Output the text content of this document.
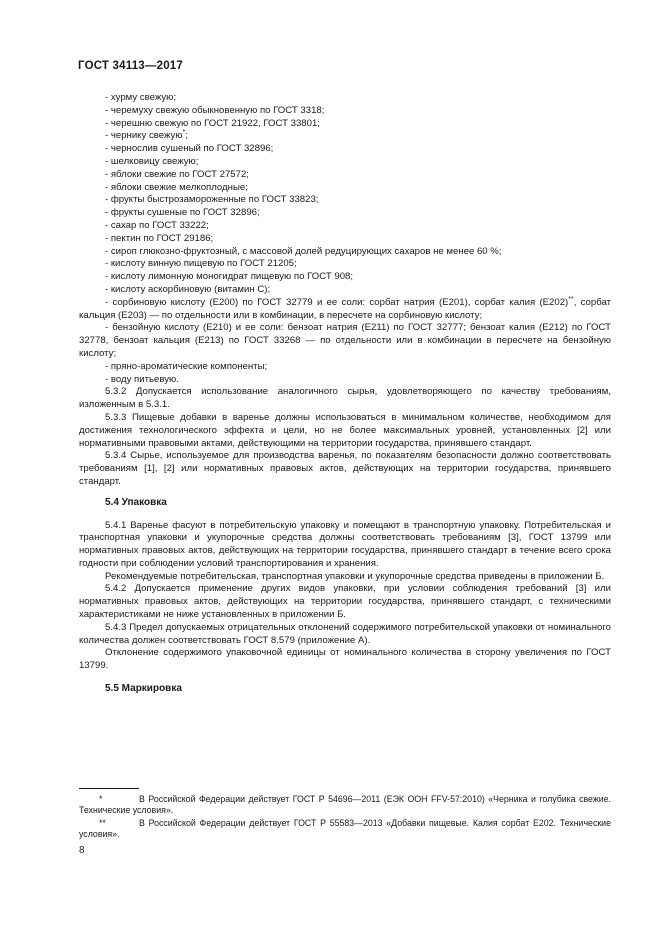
ГОСТ 34113—2017

- хурму свежую;

- черемуху свежую обыкновенную по ГОСТ 3318;

- черешню свежую по ГОСТ 21922, ГОСТ 33801;

- чернику свежую*;

- чернослив сушеный по ГОСТ 32896;

- шелковицу свежую;

- яблоки свежие по ГОСТ 27572;

- яблоки свежие мелкоплодные;

- фрукты быстрозамороженные по ГОСТ 33823;

- фрукты сушеные по ГОСТ 32896;

- сахар по ГОСТ 33222;

- пектин по ГОСТ 29186;

- сироп глюкозно-фруктозный, с массовой долей редуцирующих сахаров не менее 60 %;

- кислоту винную пищевую по ГОСТ 21205;

- кислоту лимонную моногидрат пищевую по ГОСТ 908;

- кислоту аскорбиновую (витамин С);

- сорбиновую кислоту (Е200) по ГОСТ 32779 и ее соли: сорбат натрия (Е201), сорбат калия (Е202)**, сорбат кальция (Е203) — по отдельности или в комбинации, в пересчете на сорбиновую кислоту;

- бензойную кислоту (Е210) и ее соли: бензоат натрия (Е211) по ГОСТ 32777; бензоат калия (Е212) по ГОСТ 32778, бензоат кальция (Е213) по ГОСТ 33268 — по отдельности или в комбинации в пересчете на бензойную кислоту;

- пряно-ароматические компоненты;

- воду питьевую.

5.3.2 Допускается использование аналогичного сырья, удовлетворяющего по качеству требованиям, изложенным в 5.3.1.

5.3.3 Пищевые добавки в варенье должны использоваться в минимальном количестве, необходимом для достижения технологического эффекта и цели, но не более максимальных уровней, установленных [2] или нормативными правовыми актами, действующими на территории государства, принявшего стандарт.

5.3.4 Сырье, используемое для производства варенья, по показателям безопасности должно соответствовать требованиям [1], [2] или нормативных правовых актов, действующих на территории государства, принявшего стандарт.

5.4 Упаковка

5.4.1 Варенье фасуют в потребительскую упаковку и помещают в транспортную упаковку. Потребительская и транспортная упаковки и укупорочные средства должны соответствовать требованиям [3], ГОСТ 13799 или нормативных правовых актов, действующих на территории государства, принявшего стандарт в течение всего срока годности при соблюдении условий транспортирования и хранения.

Рекомендуемые потребительская, транспортная упаковки и укупорочные средства приведены в приложении Б.

5.4.2 Допускается применение других видов упаковки, при условии соблюдения требований [3] или нормативных правовых актов, действующих на территории государства, принявшего стандарт, с техническими характеристиками не ниже установленных в приложении Б.

5.4.3 Предел допускаемых отрицательных отклонений содержимого потребительской упаковки от номинального количества должен соответствовать ГОСТ 8.579 (приложение А).

Отклонение содержимого упаковочной единицы от номинального количества в сторону увеличения по ГОСТ 13799.

5.5 Маркировка

*	В Российской Федерации действует ГОСТ Р 54696—2011 (ЕЭК ООН FFV-57:2010) «Черника и голубика свежие. Технические условия».

**	В Российской Федерации действует ГОСТ Р 55583—2013 «Добавки пищевые. Калия сорбат Е202. Технические условия».

8
